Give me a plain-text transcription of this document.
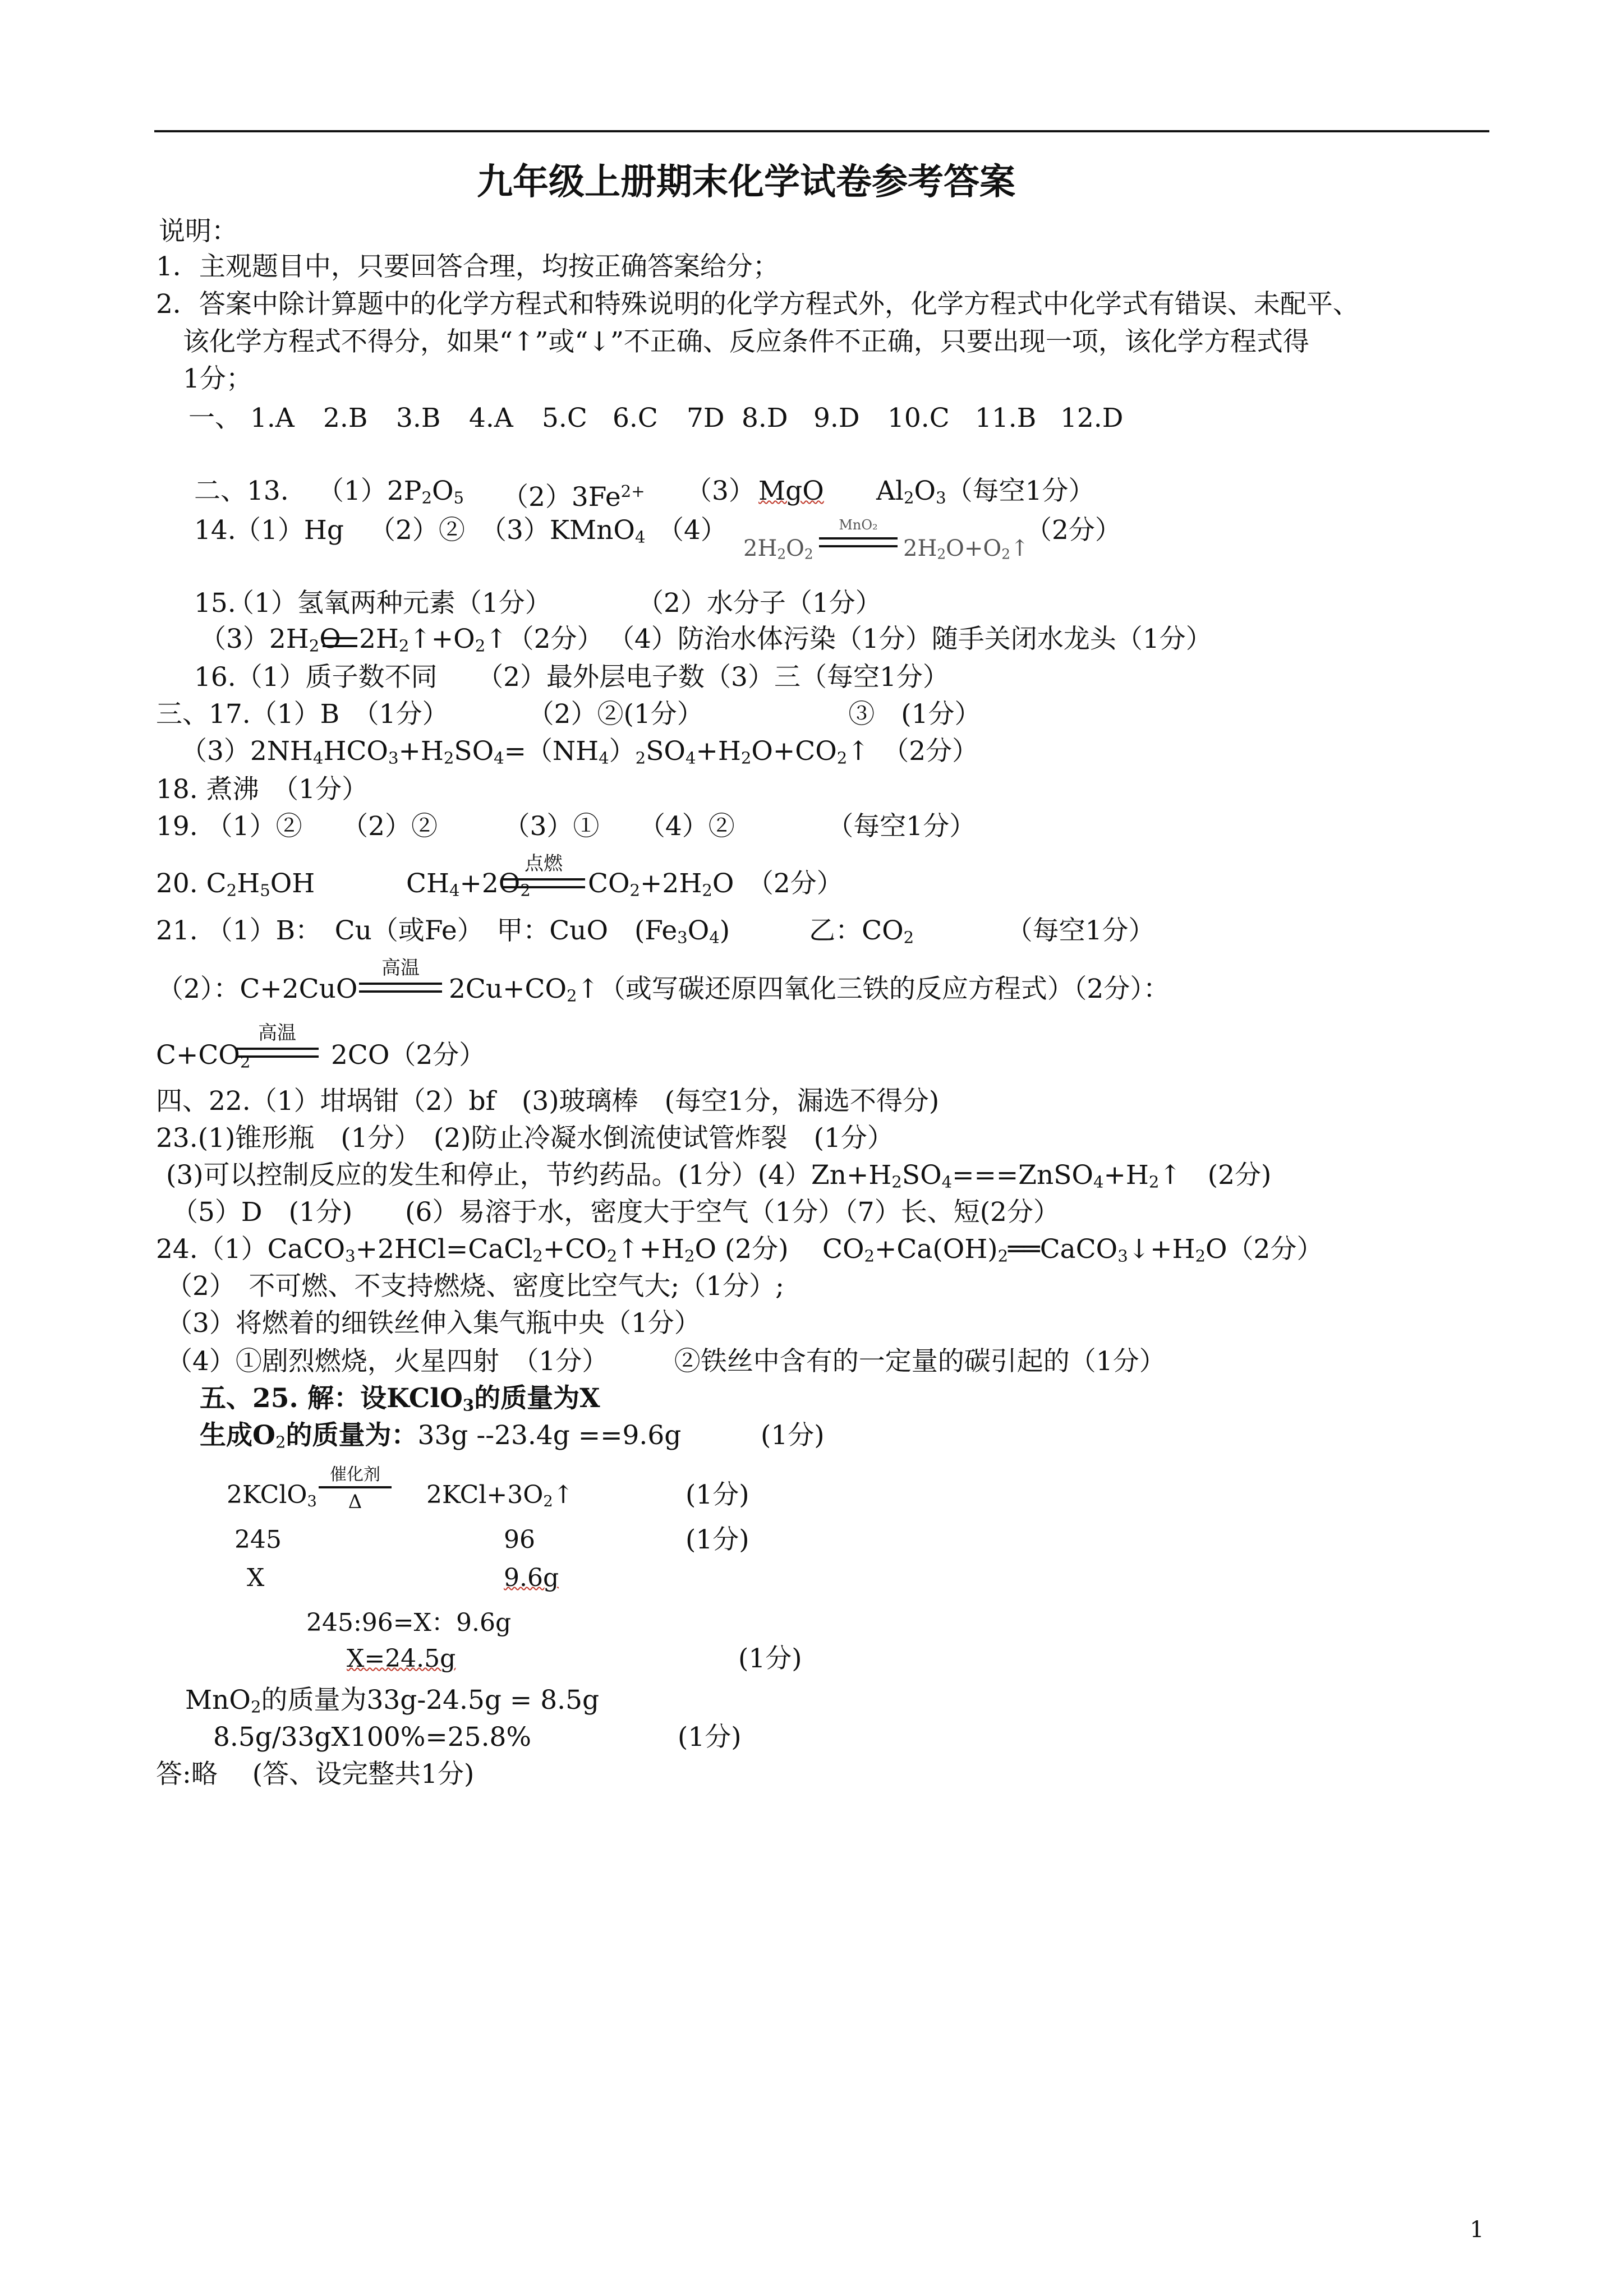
九年级上册期末化学试卷参考答案
说明：
1．主观题目中，只要回答合理，均按正确答案给分；
2．答案中除计算题中的化学方程式和特殊说明的化学方程式外，化学方程式中化学式有错误、未配平、
该化学方程式不得分，如果“↑”或“↓”不正确、反应条件不正确，只要出现一项，该化学方程式得
1分；
一、 1.A 2.B 3.B 4.A 5.C 6.C 7D 8.D 9.D 10.C 11.B 12.D
二、13. $(1)2P_2O_5$ $(2)3Fe^{2+}$ （3） MgO $Al_2O_3$（每空1分）
14.
（1）Hg （2）② （3）KMnO$_4$ （4）
$2H_2O_2$
MnO₂
$2H_2O+O_2↑$
（2分）
15.
（1）氢氧两种元素（1分）	（2）水分子（1分）
$(3)2H_2O$ $2H_2↑+O_2↑(2$分） （4）防治水体污染（1分）随手关闭水龙头（1分）
16.（1）质子数不同　　（2）最外层电子数（3）三（每空1分）
三、17.（1）B　（1分）　　　　（2）②(1分）　　　　　　③　(1分）
$(3)2NH_4HCO_3+H_2SO_4=(NH_4)_2SO_4+H_2O+CO_2↑$　（2分）
18. 煮沸　（1分）
19. （1）②　　（2）②　　　（3）①　　（4）②　　　　（每空1分）
20. $C_2H_5OH$	$CH_4+2O_2$
点燃
$CO_2+2H_2O$　（2分）
21. （1）B：　Cu（或Fe）　甲：CuO　$(Fe_3O_4)$　　　乙：$CO_2$　　　　（每空1分）
（2）：C+2CuO
高温
$2Cu+CO_2↑$（或写碳还原四氧化三铁的反应方程式）（2分）：
$C+CO_2$
高温
2CO（2分）
四、22.（1）坩埚钳（2）bf　(3)玻璃棒　(每空1分，漏选不得分)
23.(1)锥形瓶　(1分）　(2)防止冷凝水倒流使试管炸裂　(1分）
(3)可以控制反应的发生和停止，节约药品。(1分）$(4)Zn+H_2SO_4===ZnSO_4+H_2↑$　(2分)
（5）D　(1分)　　(6）易溶于水，密度大于空气（1分）（7）长、短(2分）
$24.(1)CaCO_3+2HCl=CaCl_2+CO_2↑+H_2O$ (2分) $CO_2+Ca(OH)_2══CaCO_3↓+H_2O(2$分）
（2）　不可燃、不支持燃烧、密度比空气大;（1分）;
（3）将燃着的细铁丝伸入集气瓶中央（1分）
（4）①剧烈燃烧，火星四射　（1分）　　　②铁丝中含有的一定量的碳引起的（1分）
五、25. 解：设KClO$_3$的质量为X
生成$O_2$的质量为：33g --23.4g ==9.6g	(1分)
2KClO$_3$
催化剂
Δ	$2KCl+3O_2↑$	(1分)
245	96	(1分)
X	9.6g
245:96=X：9.6g
X=24.5g	(1分)
MnO$_2$的质量为33g-24.5g = 8.5g
8.5g/33gX100%=25.8%	(1分)
答:略　 (答、设完整共1分)
1
